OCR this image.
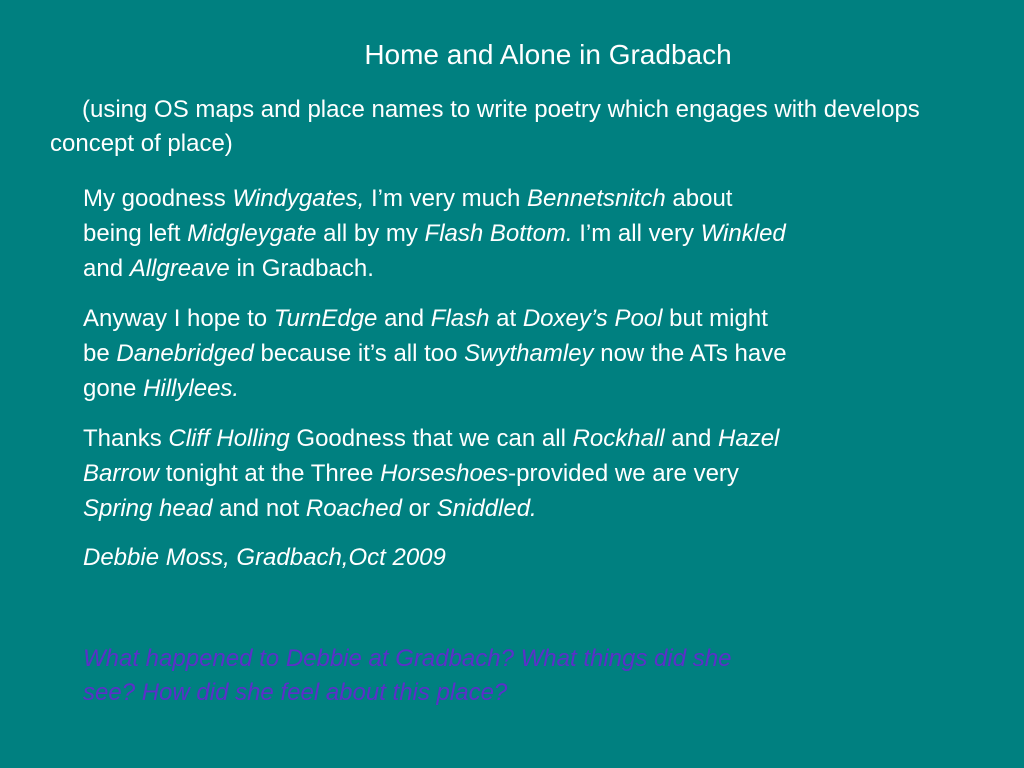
Home and Alone in Gradbach
(using OS maps and place names to write poetry which engages with develops concept of place)
My goodness Windygates, I’m very much Bennetsnitch about
being left Midgleygate all by my Flash Bottom. I’m all very Winkled
and Allgreave in Gradbach.
Anyway I hope to TurnEdge and Flash at Doxey’s Pool but might
be Danebridged because it’s all too Swythamley now the ATs have
gone Hillylees.
Thanks Cliff Holling Goodness that we can all Rockhall and Hazel
Barrow tonight at the Three Horseshoes-provided we are very
Spring head and not Roached or Sniddled.
Debbie Moss, Gradbach,Oct 2009
What happened to Debbie at Gradbach? What things did she
see? How did she feel about this place?
